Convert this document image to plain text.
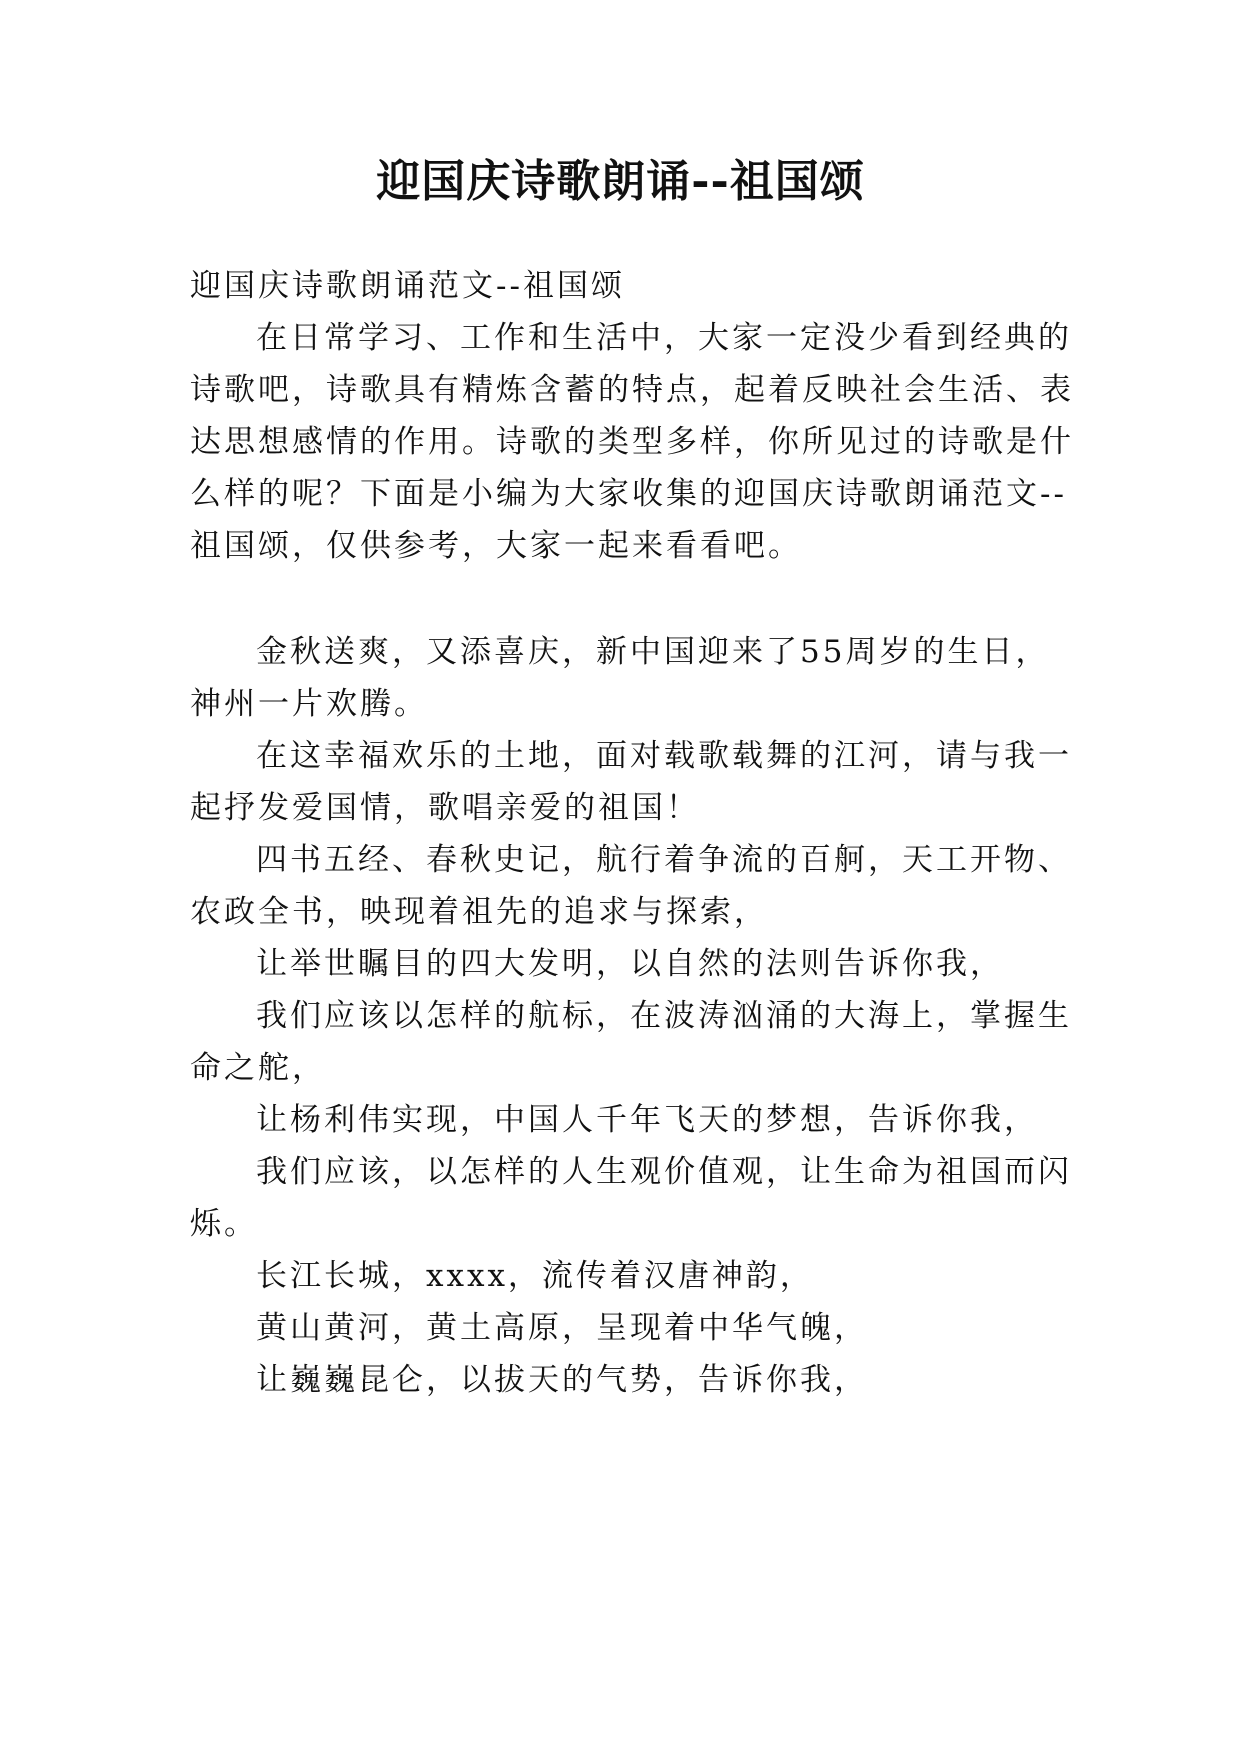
迎国庆诗歌朗诵--祖国颂
迎国庆诗歌朗诵范文--祖国颂
在日常学习、工作和生活中，大家一定没少看到经典的
诗歌吧，诗歌具有精炼含蓄的特点，起着反映社会生活、表
达思想感情的作用。诗歌的类型多样，你所见过的诗歌是什
么样的呢？下面是小编为大家收集的迎国庆诗歌朗诵范文--
祖国颂，仅供参考，大家一起来看看吧。
金秋送爽，又添喜庆，新中国迎来了55周岁的生日，
神州一片欢腾。
在这幸福欢乐的土地，面对载歌载舞的江河，请与我一
起抒发爱国情，歌唱亲爱的祖国！
四书五经、春秋史记，航行着争流的百舸，天工开物、
农政全书，映现着祖先的追求与探索，
让举世瞩目的四大发明，以自然的法则告诉你我，
我们应该以怎样的航标，在波涛汹涌的大海上，掌握生
命之舵，
让杨利伟实现，中国人千年飞天的梦想，告诉你我，
我们应该，以怎样的人生观价值观，让生命为祖国而闪
烁。
长江长城，xxxx，流传着汉唐神韵，
黄山黄河，黄土高原，呈现着中华气魄，
让巍巍昆仑，以拔天的气势，告诉你我，
